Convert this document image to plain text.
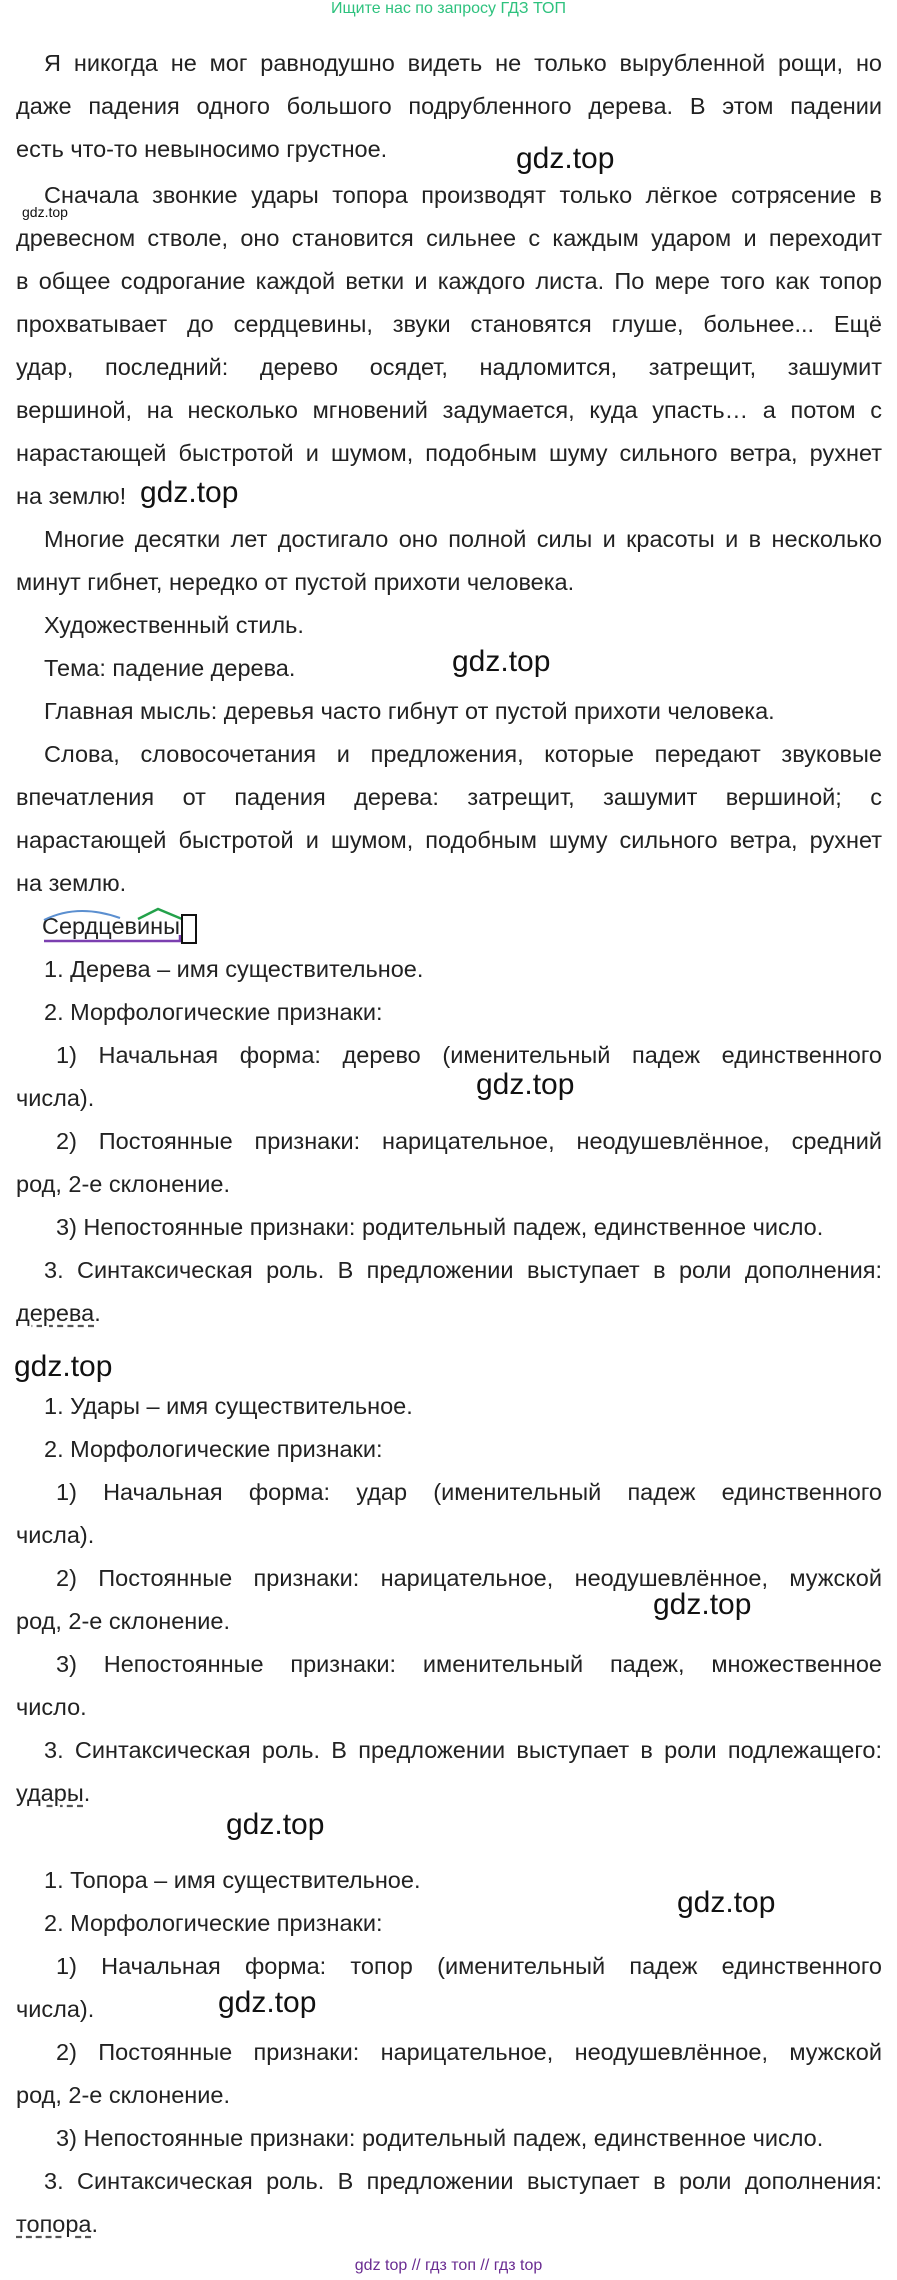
Ищите нас по запросу ГДЗ ТОП
Я никогда не мог равнодушно видеть не только вырубленной рощи, но
даже падения одного большого подрубленного дерева. В этом падении
есть что-то невыносимо грустное.	gdz.top
Сначала звонкие удары топора производят только лёгкое сотрясение в
gdz.top
древесном стволе, оно становится сильнее с каждым ударом и переходит
в общее содрогание каждой ветки и каждого листа. По мере того как топор
прохватывает до сердцевины, звуки становятся глуше, больнее... Ещё
удар, последний: дерево осядет, надломится, затрещит, зашумит
вершиной, на несколько мгновений задумается, куда упасть… а потом с
нарастающей быстротой и шумом, подобным шуму сильного ветра, рухнет
на землю! gdz.top
Многие десятки лет достигало оно полной силы и красоты и в несколько
минут гибнет, нередко от пустой прихоти человека.
Художественный стиль.
Тема: падение дерева.	gdz.top
Главная мысль: деревья часто гибнут от пустой прихоти человека.
Слова, словосочетания и предложения, которые передают звуковые
впечатления от падения дерева: затрещит, зашумит вершиной; с
нарастающей быстротой и шумом, подобным шуму сильного ветра, рухнет
на землю.
Сердцевины
1. Дерева – имя существительное.
2. Морфологические признаки:
1) Начальная форма: дерево (именительный падеж единственного
числа).	gdz.top
2) Постоянные признаки: нарицательное, неодушевлённое, средний
род, 2-е склонение.
3) Непостоянные признаки: родительный падеж, единственное число.
3. Синтаксическая роль. В предложении выступает в роли дополнения:
дерева.
gdz.top
1. Удары – имя существительное.
2. Морфологические признаки:
1) Начальная форма: удар (именительный падеж единственного
числа).
2) Постоянные признаки: нарицательное, неодушевлённое, мужской
gdz.top
род, 2-е склонение.
3) Непостоянные признаки: именительный падеж, множественное
число.
3. Синтаксическая роль. В предложении выступает в роли подлежащего:
удары.
gdz.top
1. Топора – имя существительное.
gdz.top
2. Морфологические признаки:
1) Начальная форма: топор (именительный падеж единственного
числа).	gdz.top
2) Постоянные признаки: нарицательное, неодушевлённое, мужской
род, 2-е склонение.
3) Непостоянные признаки: родительный падеж, единственное число.
3. Синтаксическая роль. В предложении выступает в роли дополнения:
топора.
gdz top // гдз топ // гдз top
